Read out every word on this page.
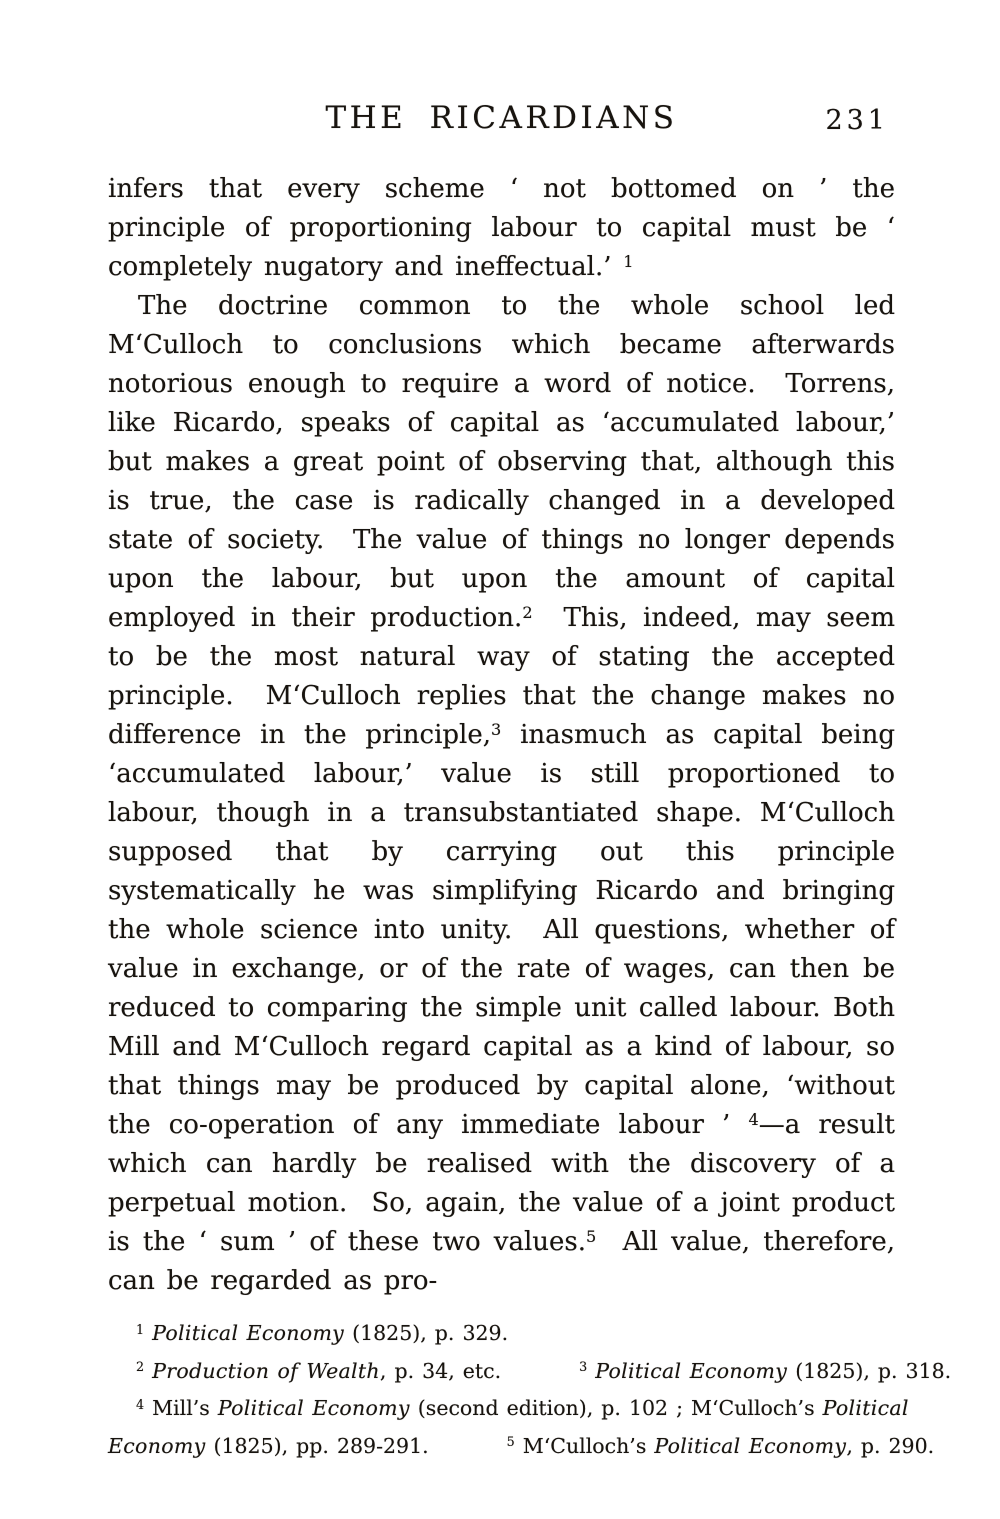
THE RICARDIANS	231

infers that every scheme ‘ not bottomed on ’ the principle of proportioning labour to capital must be ‘ completely nugatory and ineffectual.’ $^1$

The doctrine common to the whole school led M‘Culloch to conclusions which became afterwards notorious enough to require a word of notice.  Torrens, like Ricardo, speaks of capital as ‘accumulated labour,’ but makes a great point of observing that, although this is true, the case is radically changed in a developed state of society.  The value of things no longer depends upon the labour, but upon the amount of capital employed in their production.$^2$  This, indeed, may seem to be the most natural way of stating the accepted principle.  M‘Culloch replies that the change makes no difference in the principle,$^3$ inasmuch as capital being ‘accumulated labour,’ value is still proportioned to labour, though in a transubstantiated shape. M‘Culloch supposed that by carrying out this principle systematically he was simplifying Ricardo and bringing the whole science into unity.  All questions, whether of value in exchange, or of the rate of wages, can then be reduced to comparing the simple unit called labour. Both Mill and M‘Culloch regard capital as a kind of labour, so that things may be produced by capital alone, ‘without the co-operation of any immediate labour ’ $^4$—a result which can hardly be realised with the discovery of a perpetual motion.  So, again, the value of a joint product is the ‘ sum ’ of these two values.$^5$  All value, therefore, can be regarded as pro-

$^1$ Political Economy (1825), p. 329.
$^2$ Production of Wealth, p. 34, etc.	$^3$ Political Economy (1825), p. 318.
$^4$ Mill’s Political Economy (second edition), p. 102 ; M‘Culloch’s Political
Economy (1825), pp. 289-291.	$^5$ M‘Culloch’s Political Economy, p. 290.
